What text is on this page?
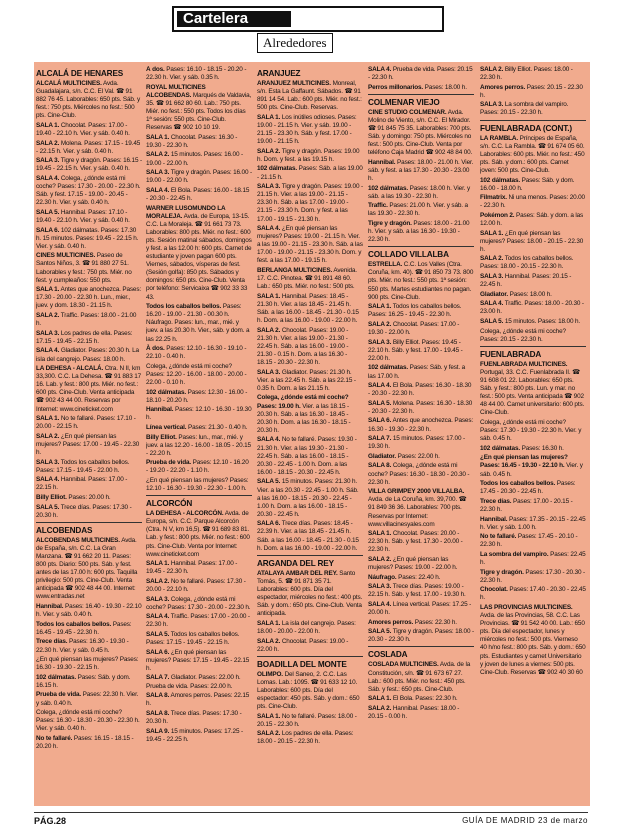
Cartelera
Alrededores
ALCALÁ DE HENARES

ALCALÁ MULTICINES. Avda. Guadalajara, s/n. C.C. El Val. ☎ 91 882 76 45. Laborables: 650 pts. Sáb. y fest.: 750 pts. Miércoles no fest.: 500 pts. Cine-Club.

SALA 1. Chocolat. Pases: 17.00 - 19.40 - 22.10 h. Vier. y sáb. 0.40 h.

SALA 2. Molena. Pases: 17.15 - 19.45 - 22.15 h. Vier. y sáb. 0.40 h.

SALA 3. Tigre y dragón. Pases: 16.15 - 19.45 - 22.15 h. Vier. y sáb. 0.40 h.

SALA 4. Colega, ¿dónde está mi coche? Pases: 17.30 - 20.00 - 22.30 h. Sáb. y fest. 17.15 - 19.00 - 20.45 - 22.30 h. Vier. y sáb. 0.40 h.

SALA 5. Hannibal. Pases: 17.10 - 19.40 - 22.10 h. Vier. y sáb. 0.40 h.

SALA 6. 102 dálmatas. Pases: 17.30 h. 15 minutos. Pases: 19.45 - 22.15 h. Vier. y sáb. 0.40 h.

CINES MULTICINES. Paseo de Santos Niños, 3. ☎ 91 880 27 51. Laborables y fest.: 750 pts. Miér. no fest. y cumpleaños: 550 pts.

SALA 1. Antes que anochezca. Pases: 17.30 - 20.00 - 22.30 h. Lun., mier., juev. y dom. 18.30 - 21.15 h.

SALA 2. Traffic. Pases: 18.00 - 21.00 h.

SALA 3. Los padres de ella. Pases: 17.15 - 19.45 - 22.15 h.

SALA 4. Gladiator. Pases: 20.30 h. La isla del cangrejo. Pases: 18.00 h.

LA DEHESA - ALCALÁ. Ctra. N II, km 33,300. C.C. La Dehesa. ☎ 91 883 17 16. Lab. y fest.: 800 pts. Miér. no fest.: 600 pts. Cine-Club. Venta anticipada ☎ 902 43 44 00. Reservas por Internet: www.cineticket.com

SALA 1. No te fallaré. Pases: 17.10 - 20.00 - 22.15 h.

SALA 2. ¿En qué piensan las mujeres? Pases: 17.00 - 19.45 - 22.30 h.

SALA 3. Todos los caballos bellos. Pases: 17.15 - 19.45 - 22.00 h.

SALA 4. Hannibal. Pases: 17.00 - 22.15 h.

Billy Elliot. Pases: 20.00 h.

SALA 5. Trece días. Pases: 17.30 - 20.30 h.

ALCOBENDAS

ALCOBENDAS MULTICINES. Avda. de España, s/n. C.C. La Gran Manzana. ☎ 91 662 20 11. Pases: 800 pts. Diario: 500 pts. Sáb. y fest. antes de las 17.00 h: 600 pts. Taquilla privilegio: 500 pts. Cine-Club. Venta anticipada ☎ 902 48 44 00. Internet: www.entradas.net

Hannibal. Pases: 16.40 - 19.30 - 22.10 h. Vier. y sáb. 0.40 h.

Todos los caballos bellos. Pases: 16.45 - 19.45 - 22.30 h.

Trece días. Pases: 16.30 - 19.30 - 22.30 h. Vier. y sáb. 0.45 h.

¿En qué piensan las mujeres? Pases: 16.30 - 19.30 - 22.15 h.

102 dálmatas. Pases: Sáb. y dom. 16.15 h.

Prueba de vida. Pases: 22.30 h. Vier. y sáb. 0.40 h.

Colega, ¿dónde está mi coche? Pases: 16.30 - 18.30 - 20.30 - 22.30 h. Vier. y sáb. 0.40 h.

No te fallaré. Pases: 16.15 - 18.15 - 20.20 h.

À dos. Pases: 16.10 - 18.15 - 20.20 - 22.30 h. Vier. y sáb. 0.35 h.

ROYAL MULTICINES ALCOBENDAS. Marqués de Valdavia, 35. ☎ 91 662 80 60. Lab.: 750 pts. Miér. no fest.: 550 pts. Todos los días 1ª sesión: 550 pts. Cine-Club. Reservas ☎ 902 10 10 19.

SALA 1. Chocolat. Pases: 16.30 - 19.30 - 22.30 h.

SALA 2. 15 minutos. Pases: 16.00 - 19.00 - 22.00 h.

SALA 3. Tigre y dragón. Pases: 16.00 - 19.00 - 22.00 h.

SALA 4. El Bola. Pases: 16.00 - 18.15 - 20.30 - 22.45 h.

WARNER LUSOMUNDO LA MORALEJA. Avda. de Europa, 13-15. C.C. La Moraleja. ☎ 91 661 73 73. Laborables: 800 pts. Miér. no fest.: 600 pts. Sesión matinal sábados, domingos y fest. a las 12.00 h: 600 pts. Carnet de estudiante y joven pagan 600 pts. Viernes, sábados, vísperas de fest. (Sesión golfa): 850 pts. Sábados y domingos: 650 pts. Cine-Club. Venta por teléfono: Servicaixa ☎ 902 33 33 43.

Todos los caballos bellos. Pases: 16.20 - 19.00 - 21.30 - 00.30 h. Náufrago. Pases: lun., mar., mié. y juev. a las 20.30 h. Vier., sáb. y dom. a las 22.25 h.

À dos. Pases: 12.10 - 16.30 - 19.10 - 22.10 - 0.40 h.

Colega, ¿dónde está mi coche? Pases: 12.20 - 16.00 - 18.00 - 20.00 - 22.00 - 0.10 h.

102 dálmatas. Pases: 12.30 - 16.00 - 18.10 - 20.20 h.

Hannibal. Pases: 12.10 - 16.30 - 19.30 h.

Línea vertical. Pases: 21.30 - 0.40 h.

Billy Elliot. Pases: lun., mar., mié. y juev. a las 12.20 - 16.00 - 18.05 - 20.15 - 22.20 h.

Prueba de vida. Pases: 12.10 - 16.20 - 19.20 - 22.20 - 1.10 h.

¿En qué piensan las mujeres? Pases: 12.10 - 16.30 - 19.30 - 22.30 - 1.00 h.

ALCORCÓN

LA DEHESA - ALCORCÓN. Avda. de Europa, s/n. C.C. Parque Alcorcón (Ctra. N V, km 16,5). ☎ 91 689 83 81. Lab. y fest.: 800 pts. Miér. no fest.: 600 pts. Cine-Club. Venta por Internet: www.cineticket.com

SALA 1. Hannibal. Pases: 17.00 - 19.45 - 22.30 h.

SALA 2. No te fallaré. Pases: 17.30 - 20.00 - 22.10 h.

SALA 3. Colega, ¿dónde está mi coche? Pases: 17.30 - 20.00 - 22.30 h.

SALA 4. Traffic. Pases: 17.00 - 20.00 - 22.30 h.

SALA 5. Todos los caballos bellos. Pases: 17.15 - 19.45 - 22.15 h.

SALA 6. ¿En qué piensan las mujeres? Pases: 17.15 - 19.45 - 22.15 h.

SALA 7. Gladiator. Pases: 22.00 h. Prueba de vida. Pases: 22.00 h.

SALA 8. Amores perros. Pases: 22.15 h.

SALA 8. Trece días. Pases: 17.30 - 20.30 h.

SALA 9. 15 minutos. Pases: 17.25 - 19.45 - 22.25 h.

ARANJUEZ

ARANJUEZ MULTICINES. Monreal, s/n. Esta La Gaffaunt. Sábados. ☎ 91 891 14 54. Lab.: 600 pts. Miér. no fest.: 500 pts. Cine-Club. Reservas.

SALA 1. Los inútiles odioses. Pases: 19.00 - 21.15 h. Vier. y sáb. 19.00 - 21.15 - 23.30 h. Sáb. y fest. 17.00 - 19.00 - 21.15 h.

SALA 2. Tigre y dragón. Pases: 19.00 h. Dom. y fest. a las 19.15 h.

102 dálmatas. Pases: Sáb. a las 19.00 - 21.15 h.

SALA 3. Tigre y dragón. Pases: 19.00 - 21.15 h. Vier. a las 19.00 - 21.15 - 23.30 h. Sáb. a las 17.00 - 19.00 - 21.15 - 23.30 h. Dom. y fest. a las 17.00 - 19.15 - 21.30 h.

SALA 4. ¿En qué piensan las mujeres? Pases: 19.00 - 21.15 h. Vier. a las 19.00 - 21.15 - 23.30 h. Sáb. a las 17.00 - 19.00 - 21.15 - 23.30 h. Dom. y fest. a las 17.00 - 19.15 h.

BERLANGA MULTICINES. Avenida. 17. C.C. Pinotea. ☎ 91 891 48 60. Lab.: 650 pts. Miér. no fest.: 500 pts.

SALA 1. Hannibal. Pases: 18.45 - 21.30 h. Vier. a las 18.45 - 21.45 h. Sáb. a las 16.00 - 18.45 - 21.30 - 0.15 h. Dom. a las 16.00 - 19.00 - 22.00 h.

SALA 2. Chocolat. Pases: 19.00 - 21.30 h. Vier. a las 19.00 - 21.30 - 22.45 h. Sáb. a las 16.00 - 19.00 - 21.30 - 0.15 h. Dom. a las 16.30 - 18.15 - 20.30 - 22.30 h.

SALA 3. Gladiator. Pases: 21.30 h. Vier. a las 22.45 h. Sáb. a las 22.15 - 0.35 h. Dom. a las 21.15 h.

Colega, ¿dónde está mi coche? Pases: 19.00 h. Vier. a las 18.15 - 20.30 h. Sáb. a las 16.30 - 18.45 - 20.30 h. Dom. a las 16.30 - 18.15 - 20.30 h.

SALA 4. No te fallaré. Pases: 19.30 - 21.30 h. Vier. a las 19.30 - 21.30 - 22.45 h. Sáb. a las 16.00 - 18.15 - 20.30 - 22.45 - 1.00 h. Dom. a las 16.00 - 18.15 - 20.30 - 22.45 h.

SALA 5. 15 minutos. Pases: 21.30 h. Vier. a las 20.30 - 22.45 - 1.00 h. Sáb. a las 16.00 - 18.15 - 20.30 - 22.45 - 1.00 h. Dom. a las 16.00 - 18.15 - 20.30 - 22.45 h.

SALA 6. Trece días. Pases: 18.45 - 22.39 h. Vier. a las 18.45 - 21.45 h. Sáb. a las 16.00 - 18.45 - 21.30 - 0.15 h. Dom. a las 16.00 - 19.00 - 22.00 h.

ARGANDA DEL REY

ATALAYA AMBAR DEL REY. Santo Tomás, 5. ☎ 91 871 35 71. Laborables: 600 pts. Día del espectador, miércoles no fest.: 400 pts. Sáb. y dom.: 650 pts. Cine-Club. Venta anticipada.

SALA 1. La isla del cangrejo. Pases: 18.00 - 20.00 - 22.00 h.

SALA 2. Chocolat. Pases: 19.00 - 22.00 h.

BOADILLA DEL MONTE

OLIMPO. Del Saneo, 2. C.C. Las Lomas. Lab.: 1095. ☎ 91 633 12 10. Laborables: 600 pts. Día del espectador: 450 pts. Sáb. y dom.: 650 pts. Cine-Club.

SALA 1. No te fallaré. Pases: 18.00 - 20.15 - 22.30 h.

SALA 2. Los padres de ella. Pases: 18.00 - 20.15 - 22.30 h.

SALA 4. Prueba de vida. Pases: 20.15 - 22.30 h.

Perros millonarios. Pases: 18.00 h.

COLMENAR VIEJO

CINE STUDIO COLMENAR. Avda. Molino de Viento, s/n. C.C. El Mirador. ☎ 91 845 75 35. Laborables: 700 pts. Sáb. y domingo: 750 pts. Miércoles no fest.: 500 pts. Cine-Club. Venta por teléfono Caja Madrid ☎ 902 48 84 00.

Hannibal. Pases: 18.00 - 21.00 h. Vier. sáb. y fest. a las 17.30 - 20.30 - 23.00 h.

102 dálmatas. Pases: 18.00 h. Vier. y sáb. a las 19.30 - 22.30 h.

Traffic. Pases: 21.00 h. Vier. y sáb. a las 19.30 - 22.30 h.

Tigre y dragón. Pases: 18.00 - 21.00 h. Vier. y sáb. a las 16.30 - 19.30 - 22.30 h.

COLLADO VILLALBA

ESTRELLA. C.C. Los Valles (Ctra. Coruña, km. 40). ☎ 91 850 73 73. 800 pts. Miér. no fest.: 550 pts. 1ª sesión: 550 pts. Martes estudiantes no pagan. 900 pts. Cine-Club.

SALA 1. Todos los caballos bellos. Pases: 16.25 - 19.45 - 22.30 h.

SALA 2. Chocolat. Pases: 17.00 - 19.30 - 22.00 h.

SALA 3. Billy Elliot. Pases: 19.45 - 22.10 h. Sáb. y fest. 17.00 - 19.45 - 22.00 h.

102 dálmatas. Pases: Sáb. y fest. a las 17.00 h.

SALA 4. El Bola. Pases: 16.30 - 18.30 - 20.30 - 22.30 h.

SALA 5. Molena. Pases: 16.30 - 18.30 - 20.30 - 22.30 h.

SALA 6. Antes que anochezca. Pases: 16.30 - 19.30 - 22.30 h.

SALA 7. 15 minutos. Pases: 17.00 - 19.30 h.

Gladiator. Pases: 22.00 h.

SALA 8. Colega, ¿dónde está mi coche? Pases: 16.30 - 18.30 - 20.30 - 22.30 h.

VILLA GRIMPEY 2000 VILLALBA. Avda. de La Coruña, km. 39,700. ☎ 91 849 36 36. Laborables: 700 pts. Reservas por Internet: www.villacinesyales.com

SALA 1. Chocolat. Pases: 20.00 - 22.30 h. Sáb. y fest. 17.30 - 20.00 - 22.30 h.

SALA 2. ¿En qué piensan las mujeres? Pases: 19.00 - 22.00 h.

Náufrago. Pases: 22.40 h.

SALA 3. Trece días. Pases: 19.00 - 22.15 h. Sáb. y fest. 17.00 - 19.30 h.

SALA 4. Línea vertical. Pases: 17.25 - 20.00 h.

Amores perros. Pases: 22.30 h.

SALA 5. Tigre y dragón. Pases: 18.00 - 20.30 - 22.30 h.

COSLADA

COSLADA MULTICINES. Avda. de la Constitución, s/n. ☎ 91 673 67 27. Lab.: 600 pts. Miér. no fest.: 450 pts. Sáb. y fest.: 650 pts. Cine-Club.

SALA 1. El Bola. Pases: 22.30 h.

SALA 2. Hannibal. Pases: 18.00 - 20.15 - 0.00 h.

SALA 2. Billy Elliot. Pases: 18.00 - 22.30 h.

Amores perros. Pases: 20.15 - 22.30 h.

SALA 3. La sombra del vampiro. Pases: 20.15 - 22.30 h.

FUENLABRADA (CONT.)

LA RAMBLA. Príncipes de España, s/n. C.C. La Rambla. ☎ 91 674 05 60. Laborables: 600 pts. Miér. no fest.: 450 pts. Sáb. y dom.: 600 pts. Carnet joven: 500 pts. Cine-Club.

102 dálmatas. Pases: Sáb. y dom. 16.00 - 18.00 h.

Filmatrix. Ni una menos. Pases: 20.00 - 22.30 h.

Pokémon 2. Pases: Sáb. y dom. a las 12.00 h.

SALA 1. ¿En qué piensan las mujeres? Pases: 18.00 - 20.15 - 22.30 h.

SALA 2. Todos los caballos bellos. Pases: 18.00 - 20.15 - 22.30 h.

SALA 3. Hannibal. Pases: 20.15 - 22.45 h.

Gladiator. Pases: 18.00 h.

SALA 4. Traffic. Pases: 18.00 - 20.30 - 23.00 h.

SALA 5. 15 minutos. Pases: 18.00 h.

Colega, ¿dónde está mi coche? Pases: 20.15 - 22.30 h.

FUENLABRADA

FUENLABRADA MULTICINES. Portugal, 33. C.C. Fuenlabrada II. ☎ 91 608 01 22. Laborables: 650 pts. Sáb. y fest.: 800 pts. Lun. y mar. no fest.: 500 pts. Venta anticipada ☎ 902 48 44 00. Carnet universitario: 600 pts. Cine-Club.

Colega, ¿dónde está mi coche? Pases: 17.30 - 19.30 - 22.30 h. Vier. y sáb. 0.45 h.

102 dálmatas. Pases: 16.30 h.

¿En qué piensan las mujeres? Pases: 16.45 - 19.30 - 22.10 h. Vier. y sáb. 0.45 h.

Todos los caballos bellos. Pases: 17.45 - 20.30 - 22.45 h.

Trece días. Pases: 17.00 - 20.15 - 22.30 h.

Hannibal. Pases: 17.35 - 20.15 - 22.45 h. Vier. y sáb. 1.00 h.

No te fallaré. Pases: 17.45 - 20.10 - 22.30 h.

La sombra del vampiro. Pases: 22.45 h.

Tigre y dragón. Pases: 17.30 - 20.30 - 22.30 h.

Chocolat. Pases: 17.40 - 20.30 - 22.45 h.

LAS PROVINCIAS MULTICINES. Avda. de las Provincias, 58. C.C. Las Provincias. ☎ 91 542 40 00. Lab.: 650 pts. Día del espectador, lunes y miércoles no fest.: 500 pts. Vierneso 40 h/no fest.: 800 pts. Sáb. y dom.: 650 pts. Estudiantes y carnet Universitario y joven de lunes a viernes: 500 pts. Cine-Club. Reservas ☎ 902 40 30 60

PÁG.28	GUÍA DE MADRID 23 de marzo
